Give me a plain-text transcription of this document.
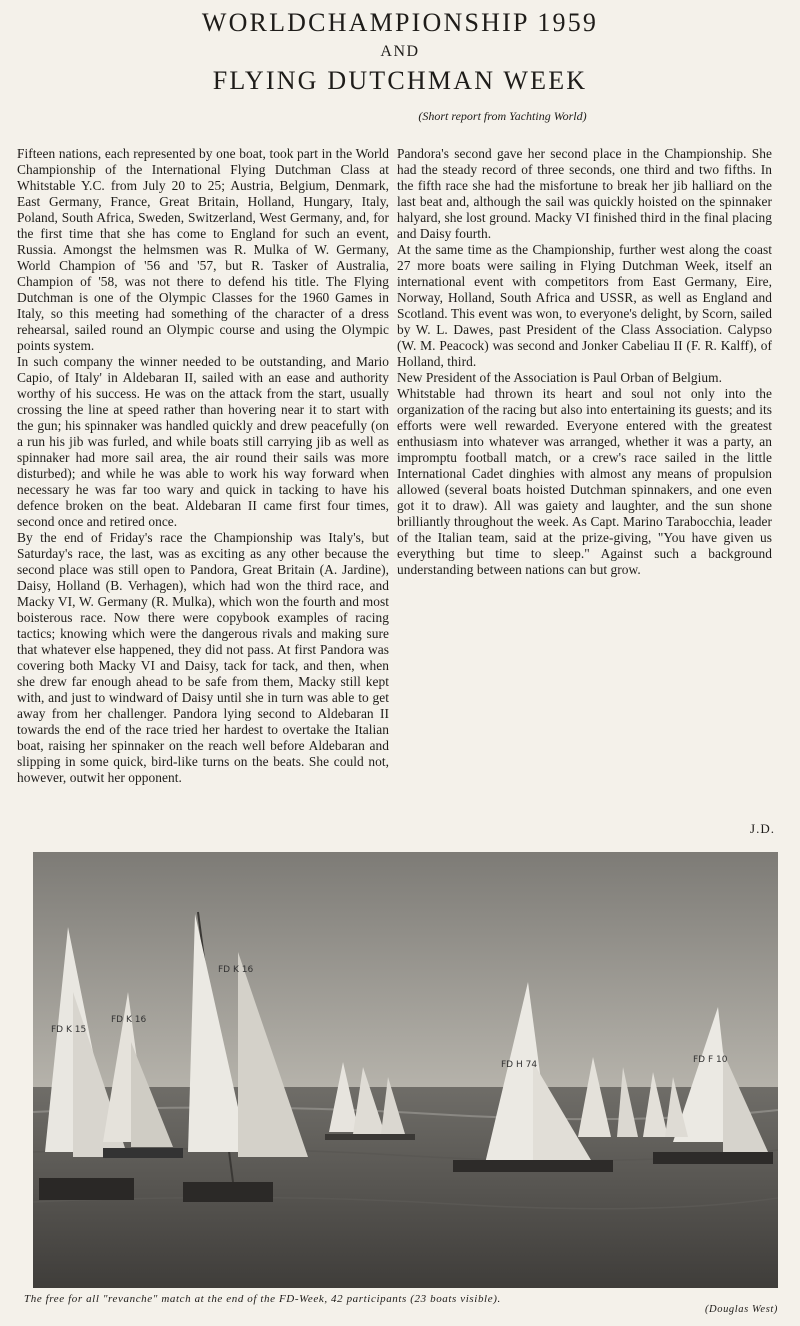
WORLDCHAMPIONSHIP 1959
AND
FLYING DUTCHMAN WEEK
(Short report from Yachting World)

Fifteen nations, each represented by one boat, took part in the World Championship of the International Flying Dutchman Class at Whitstable Y.C. from July 20 to 25; Austria, Belgium, Denmark, East Germany, France, Great Britain, Holland, Hungary, Italy, Poland, South Africa, Sweden, Switzerland, West Germany, and, for the first time that she has come to England for such an event, Russia. Amongst the helmsmen was R. Mulka of W. Germany, World Champion of '56 and '57, but R. Tasker of Australia, Champion of '58, was not there to defend his title. The Flying Dutchman is one of the Olympic Classes for the 1960 Games in Italy, so this meeting had something of the character of a dress rehearsal, sailed round an Olympic course and using the Olympic points system.

In such company the winner needed to be outstanding, and Mario Capio, of Italy' in Aldebaran II, sailed with an ease and authority worthy of his success. He was on the attack from the start, usually crossing the line at speed rather than hovering near it to start with the gun; his spinnaker was handled quickly and drew peacefully (on a run his jib was furled, and while boats still carrying jib as well as spinnaker had more sail area, the air round their sails was more disturbed); and while he was able to work his way forward when necessary he was far too wary and quick in tacking to have his defence broken on the beat. Aldebaran II came first four times, second once and retired once.

By the end of Friday's race the Championship was Italy's, but Saturday's race, the last, was as exciting as any other because the second place was still open to Pandora, Great Britain (A. Jardine), Daisy, Holland (B. Verhagen), which had won the third race, and Macky VI, W. Germany (R. Mulka), which won the fourth and most boisterous race. Now there were copybook examples of racing tactics; knowing which were the dangerous rivals and making sure that whatever else happened, they did not pass. At first Pandora was covering both Macky VI and Daisy, tack for tack, and then, when she drew far enough ahead to be safe from them, Macky still kept with, and just to windward of Daisy until she in turn was able to get away from her challenger. Pandora lying second to Aldebaran II towards the end of the race tried her hardest to overtake the Italian boat, raising her spinnaker on the reach well before Aldebaran and slipping in some quick, bird-like turns on the beats. She could not, however, outwit her opponent.

Pandora's second gave her second place in the Championship. She had the steady record of three seconds, one third and two fifths. In the fifth race she had the misfortune to break her jib halliard on the last beat and, although the sail was quickly hoisted on the spinnaker halyard, she lost ground. Macky VI finished third in the final placing and Daisy fourth.

At the same time as the Championship, further west along the coast 27 more boats were sailing in Flying Dutchman Week, itself an international event with competitors from East Germany, Eire, Norway, Holland, South Africa and USSR, as well as England and Scotland. This event was won, to everyone's delight, by Scorn, sailed by W. L. Dawes, past President of the Class Association. Calypso (W. M. Peacock) was second and Jonker Cabeliau II (F. R. Kalff), of Holland, third.

New President of the Association is Paul Orban of Belgium.

Whitstable had thrown its heart and soul not only into the organization of the racing but also into entertaining its guests; and its efforts were well rewarded. Everyone entered with the greatest enthusiasm into whatever was arranged, whether it was a party, an impromptu football match, or a crew's race sailed in the little International Cadet dinghies with almost any means of propulsion allowed (several boats hoisted Dutchman spinnakers, and one even got it to draw). All was gaiety and laughter, and the sun shone brilliantly throughout the week. As Capt. Marino Tarabocchia, leader of the Italian team, said at the prize-giving, "You have given us everything but time to sleep." Against such a background understanding between nations can but grow.

J.D.
FD K 15
FD K 16
FD K 16
FD H 74	FD F 10
The free for all "revanche" match at the end of the FD-Week, 42 participants (23 boats visible).
(Douglas West)
